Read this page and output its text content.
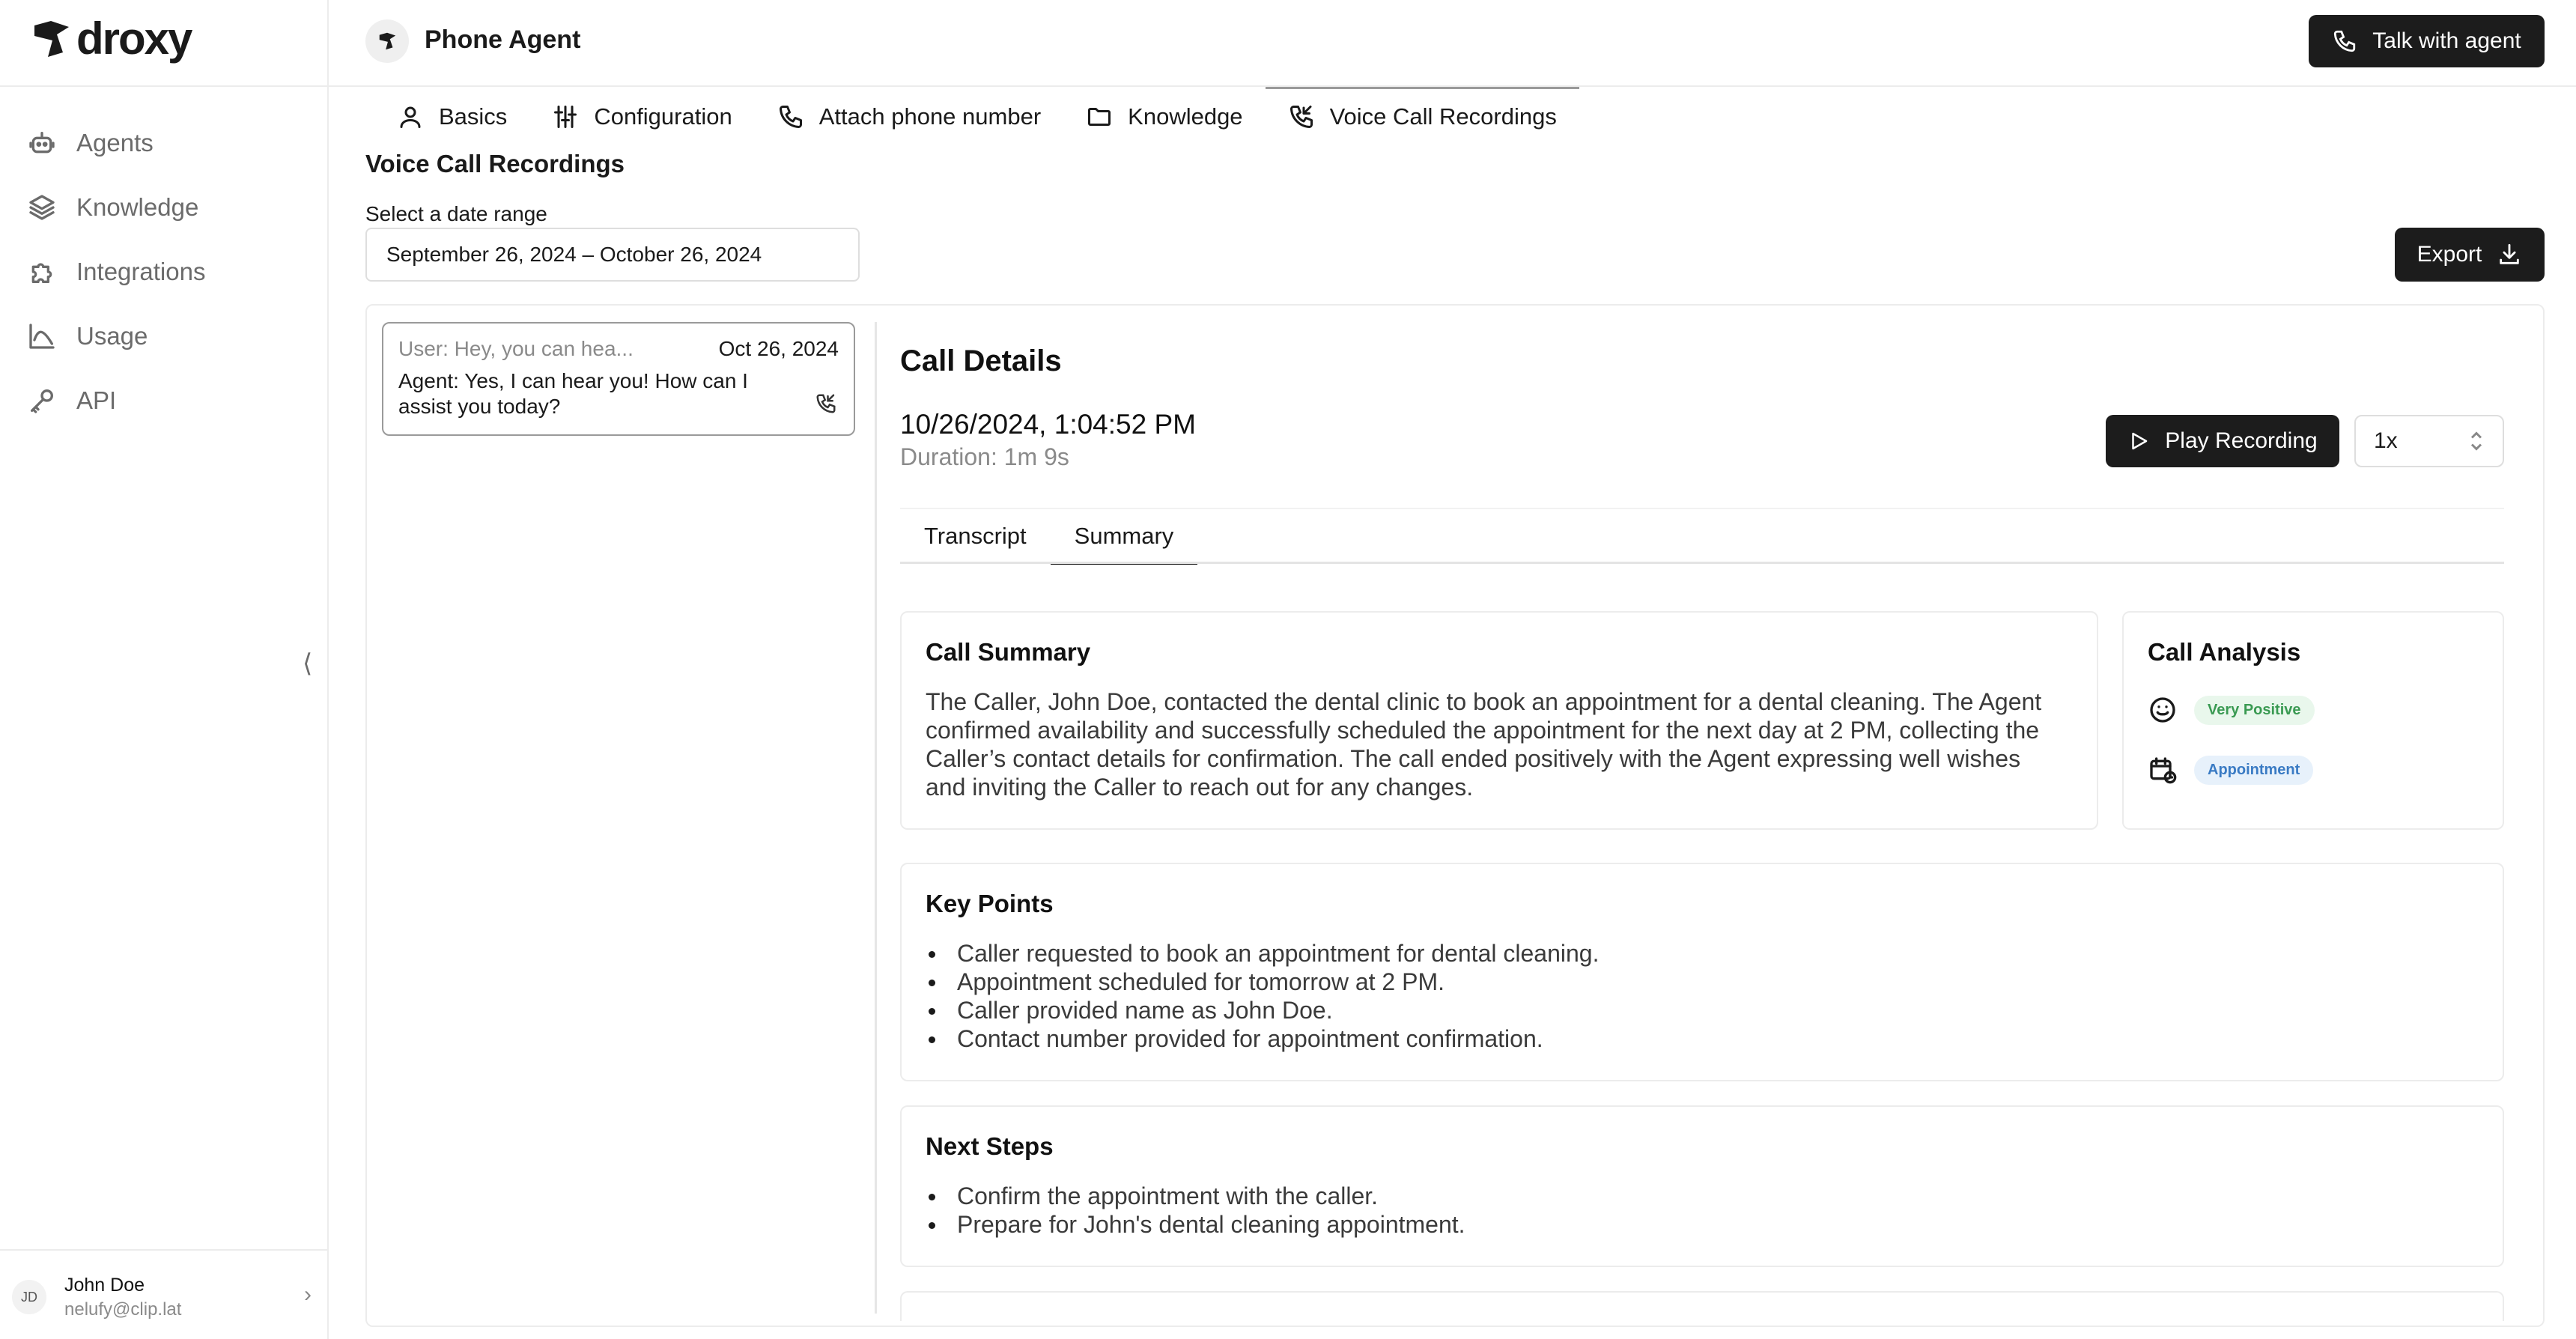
droxy
Agents
Knowledge
Integrations
Usage
API
⟨
JD
John Doe
nelufy@clip.lat
›
Phone Agent	Talk with agent
Basics	Configuration	Attach phone number	Knowledge	Voice Call Recordings
Voice Call Recordings
Select a date range
September 26, 2024 – October 26, 2024	Export
User: Hey, you can hea...	Oct 26, 2024
Agent: Yes, I can hear you! How can I assist you today?
Call Details
10/26/2024, 1:04:52 PM
Duration: 1m 9s
Play Recording	1x
Transcript	Summary
Call Summary
The Caller, John Doe, contacted the dental clinic to book an appointment for a dental cleaning. The Agent confirmed availability and successfully scheduled the appointment for the next day at 2 PM, collecting the Caller’s contact details for confirmation. The call ended positively with the Agent expressing well wishes and inviting the Caller to reach out for any changes.
Call Analysis
Very Positive
Appointment
Key Points
Caller requested to book an appointment for dental cleaning.
Appointment scheduled for tomorrow at 2 PM.
Caller provided name as John Doe.
Contact number provided for appointment confirmation.
Next Steps
Confirm the appointment with the caller.
Prepare for John's dental cleaning appointment.
